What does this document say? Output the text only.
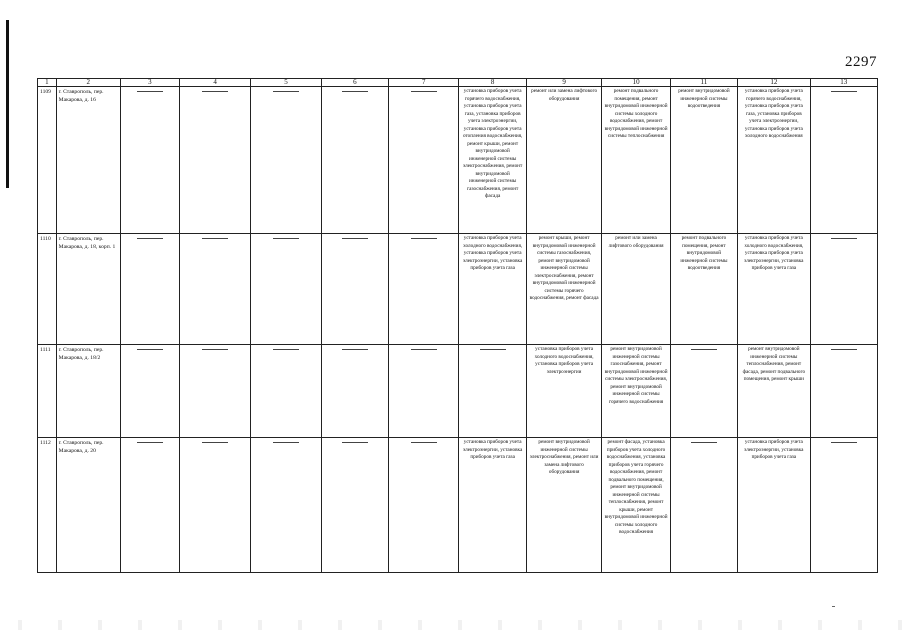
2297
1	2	3	4	5	6	7	8	9	10	11	12	13
1109	г. Ставрополь, пер. Макарова, д. 16						установка приборов учета горячего водоснабжения, установка приборов учета газа, установка приборов учета электроэнергии, установка приборов учета отопления водоснабжения, ремонт крыши, ремонт внутридомовой инженерной системы электроснабжения, ремонт внутридомовой инженерной системы газоснабжения, ремонт фасада	ремонт или замена лифтового оборудования	ремонт подвального помещения, ремонт внутридомовой инженерной системы холодного водоснабжения, ремонт внутридомовой инженерной системы теплоснабжения	ремонт внутридомовой инженерной системы водоотведения	установка приборов учета горячего водоснабжения, установка приборов учета газа, установка приборов учета электроэнергии, установка приборов учета холодного водоснабжения	
1110	г. Ставрополь, пер. Макарова, д. 18, корп. 1						установка приборов учета холодного водоснабжения, установка приборов учета электроэнергии, установка приборов учета газа	ремонт крыши, ремонт внутридомовой инженерной системы газоснабжения, ремонт внутридомовой инженерной системы электроснабжения, ремонт внутридомовой инженерной системы горячего водоснабжения, ремонт фасада	ремонт или замена лифтового оборудования	ремонт подвального помещения, ремонт внутридомовой инженерной системы водоотведения	установка приборов учета холодного водоснабжения, установка приборов учета электроэнергии, установка приборов учета газа	
1111	г. Ставрополь, пер. Макарова, д. 18/2							установка приборов учета холодного водоснабжения, установка приборов учета электроэнергии	ремонт внутридомовой инженерной системы газоснабжения, ремонт внутридомовой инженерной системы электроснабжения, ремонт внутридомовой инженерной системы горячего водоснабжения		ремонт внутридомовой инженерной системы теплоснабжения, ремонт фасада, ремонт подвального помещения, ремонт крыши	
1112	г. Ставрополь, пер. Макарова, д. 20						установка приборов учета электроэнергии, установка приборов учета газа	ремонт внутридомовой инженерной системы электроснабжения, ремонт или замена лифтового оборудования	ремонт фасада, установка приборов учета холодного водоснабжения, установка приборов учета горячего водоснабжения, ремонт подвального помещения, ремонт внутридомовой инженерной системы теплоснабжения, ремонт крыши, ремонт внутридомовой инженерной системы холодного водоснабжения		установка приборов учета электроэнергии, установка приборов учета газа	
